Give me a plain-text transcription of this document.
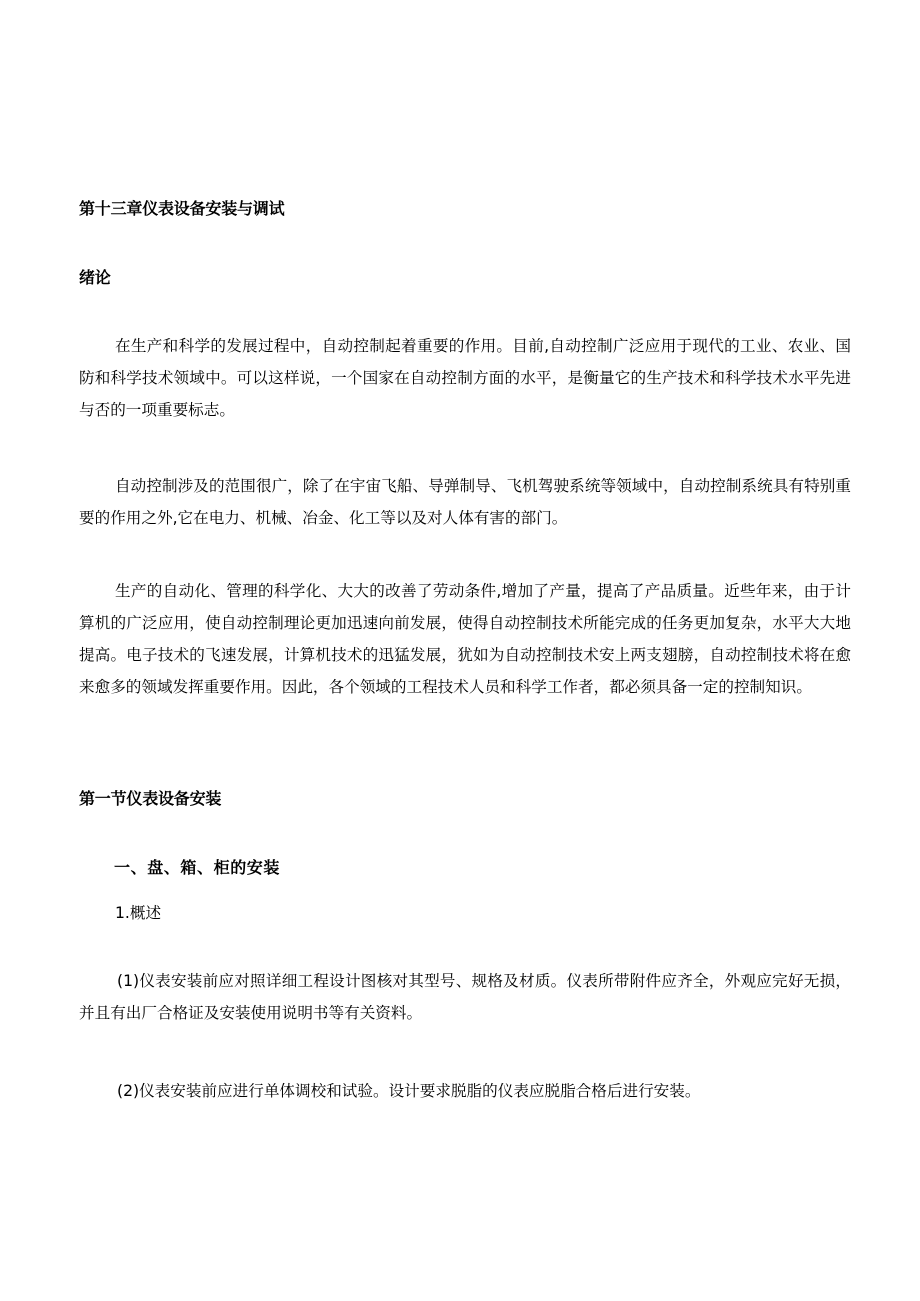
第十三章仪表设备安装与调试
绪论

在生产和科学的发展过程中，自动控制起着重要的作用。目前,自动控制广泛应用于现代的工业、农业、国防和科学技术领域中。可以这样说，一个国家在自动控制方面的水平，是衡量它的生产技术和科学技术水平先进与否的一项重要标志。

自动控制涉及的范围很广，除了在宇宙飞船、导弹制导、飞机驾驶系统等领域中，自动控制系统具有特别重要的作用之外,它在电力、机械、冶金、化工等以及对人体有害的部门。

生产的自动化、管理的科学化、大大的改善了劳动条件,增加了产量，提高了产品质量。近些年来，由于计算机的广泛应用，使自动控制理论更加迅速向前发展，使得自动控制技术所能完成的任务更加复杂，水平大大地提高。电子技术的飞速发展，计算机技术的迅猛发展，犹如为自动控制技术安上两支翅膀，自动控制技术将在愈来愈多的领域发挥重要作用。因此，各个领域的工程技术人员和科学工作者，都必须具备一定的控制知识。

第一节仪表设备安装
一、盘、箱、柜的安装
1.概述

(1)仪表安装前应对照详细工程设计图核对其型号、规格及材质。仪表所带附件应齐全，外观应完好无损，并且有出厂合格证及安装使用说明书等有关资料。

(2)仪表安装前应进行单体调校和试验。设计要求脱脂的仪表应脱脂合格后进行安装。
